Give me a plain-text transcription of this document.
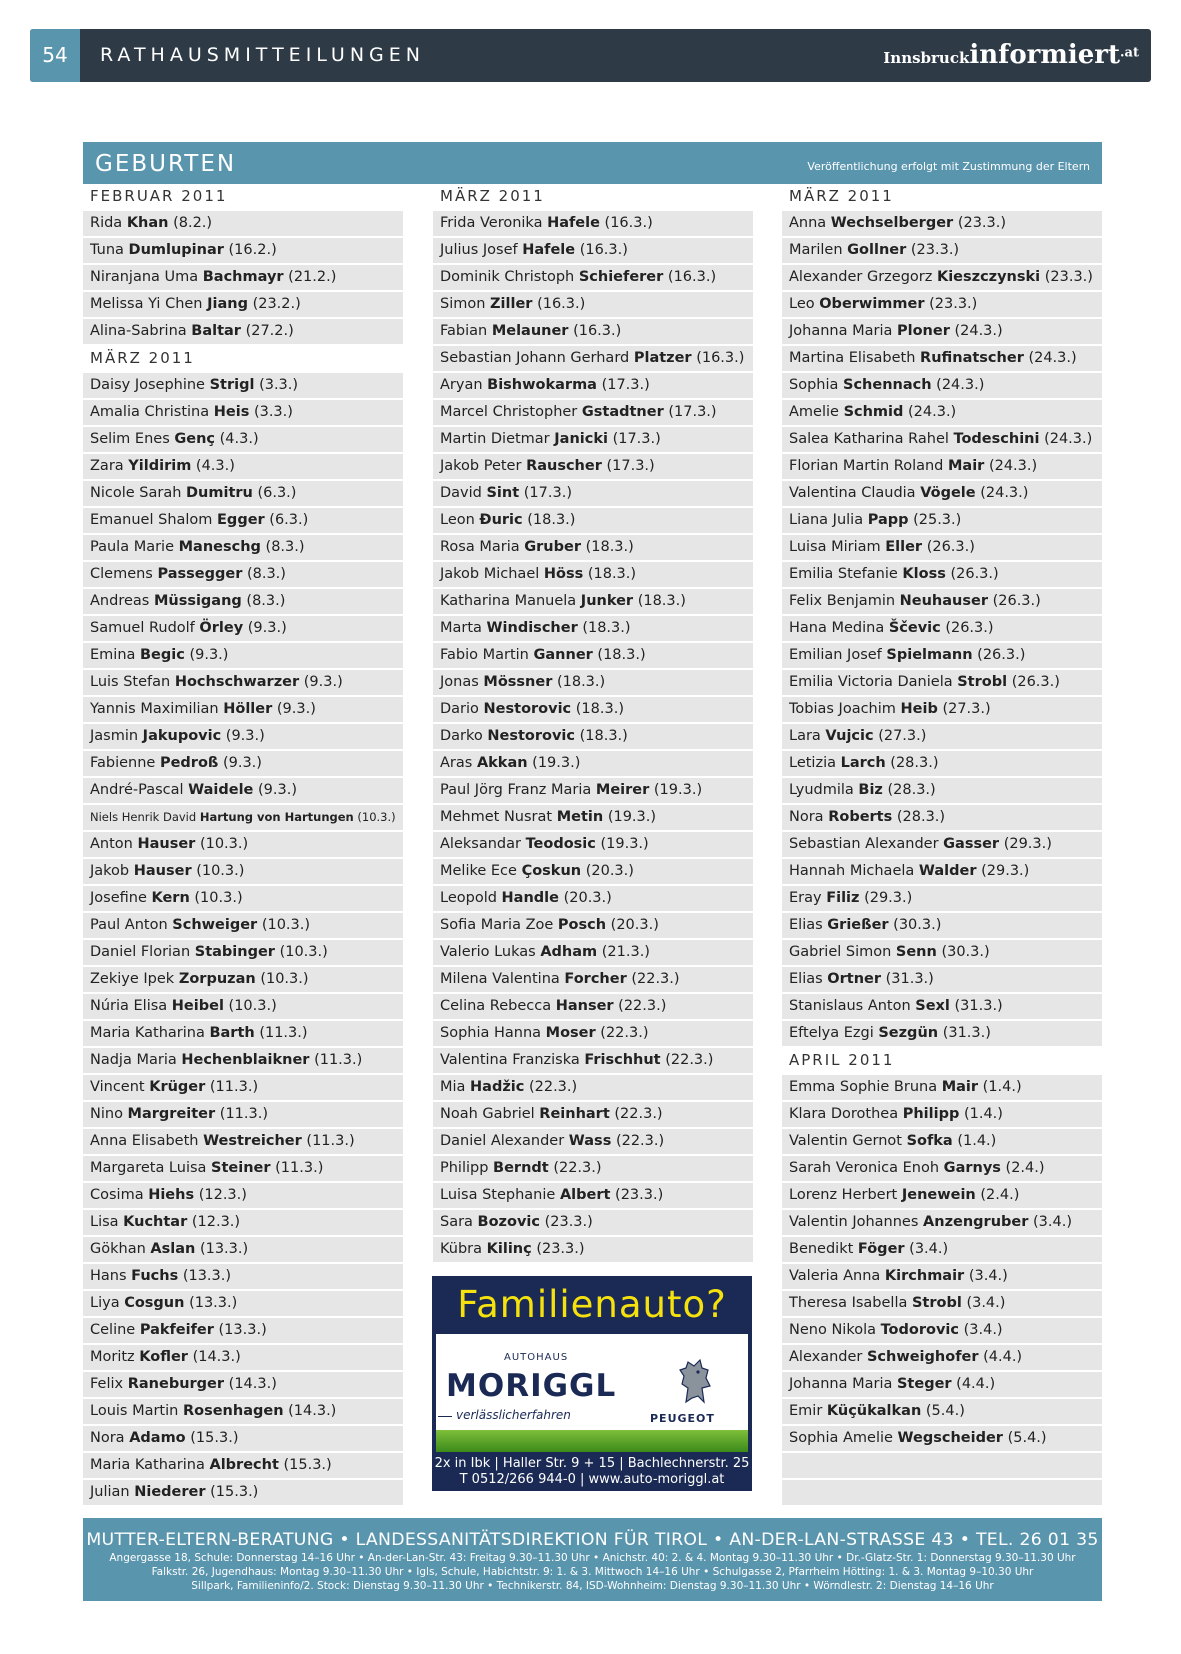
54	RATHAUSMITTEILUNGEN	Innsbruckinformiert$^{.at}$
GEBURTEN	Veröffentlichung erfolgt mit Zustimmung der Eltern
FEBRUAR 2011
Rida Khan (8.2.)
Tuna Dumlupinar (16.2.)
Niranjana Uma Bachmayr (21.2.)
Melissa Yi Chen Jiang (23.2.)
Alina-Sabrina Baltar (27.2.)
MÄRZ 2011
Daisy Josephine Strigl (3.3.)
Amalia Christina Heis (3.3.)
Selim Enes Genç (4.3.)
Zara Yildirim (4.3.)
Nicole Sarah Dumitru (6.3.)
Emanuel Shalom Egger (6.3.)
Paula Marie Maneschg (8.3.)
Clemens Passegger (8.3.)
Andreas Müssigang (8.3.)
Samuel Rudolf Örley (9.3.)
Emina Begic (9.3.)
Luis Stefan Hochschwarzer (9.3.)
Yannis Maximilian Höller (9.3.)
Jasmin Jakupovic (9.3.)
Fabienne Pedroß (9.3.)
André-Pascal Waidele (9.3.)
Niels Henrik David Hartung von Hartungen (10.3.)
Anton Hauser (10.3.)
Jakob Hauser (10.3.)
Josefine Kern (10.3.)
Paul Anton Schweiger (10.3.)
Daniel Florian Stabinger (10.3.)
Zekiye Ipek Zorpuzan (10.3.)
Núria Elisa Heibel (10.3.)
Maria Katharina Barth (11.3.)
Nadja Maria Hechenblaikner (11.3.)
Vincent Krüger (11.3.)
Nino Margreiter (11.3.)
Anna Elisabeth Westreicher (11.3.)
Margareta Luisa Steiner (11.3.)
Cosima Hiehs (12.3.)
Lisa Kuchtar (12.3.)
Gökhan Aslan (13.3.)
Hans Fuchs (13.3.)
Liya Cosgun (13.3.)
Celine Pakfeifer (13.3.)
Moritz Kofler (14.3.)
Felix Raneburger (14.3.)
Louis Martin Rosenhagen (14.3.)
Nora Adamo (15.3.)
Maria Katharina Albrecht (15.3.)
Julian Niederer (15.3.)
MÄRZ 2011
Frida Veronika Hafele (16.3.)
Julius Josef Hafele (16.3.)
Dominik Christoph Schieferer (16.3.)
Simon Ziller (16.3.)
Fabian Melauner (16.3.)
Sebastian Johann Gerhard Platzer (16.3.)
Aryan Bishwokarma (17.3.)
Marcel Christopher Gstadtner (17.3.)
Martin Dietmar Janicki (17.3.)
Jakob Peter Rauscher (17.3.)
David Sint (17.3.)
Leon Đuric (18.3.)
Rosa Maria Gruber (18.3.)
Jakob Michael Höss (18.3.)
Katharina Manuela Junker (18.3.)
Marta Windischer (18.3.)
Fabio Martin Ganner (18.3.)
Jonas Mössner (18.3.)
Dario Nestorovic (18.3.)
Darko Nestorovic (18.3.)
Aras Akkan (19.3.)
Paul Jörg Franz Maria Meirer (19.3.)
Mehmet Nusrat Metin (19.3.)
Aleksandar Teodosic (19.3.)
Melike Ece Çoskun (20.3.)
Leopold Handle (20.3.)
Sofia Maria Zoe Posch (20.3.)
Valerio Lukas Adham (21.3.)
Milena Valentina Forcher (22.3.)
Celina Rebecca Hanser (22.3.)
Sophia Hanna Moser (22.3.)
Valentina Franziska Frischhut (22.3.)
Mia Hadžic (22.3.)
Noah Gabriel Reinhart (22.3.)
Daniel Alexander Wass (22.3.)
Philipp Berndt (22.3.)
Luisa Stephanie Albert (23.3.)
Sara Bozovic (23.3.)
Kübra Kilinç (23.3.)
MÄRZ 2011
Anna Wechselberger (23.3.)
Marilen Gollner (23.3.)
Alexander Grzegorz Kieszczynski (23.3.)
Leo Oberwimmer (23.3.)
Johanna Maria Ploner (24.3.)
Martina Elisabeth Rufinatscher (24.3.)
Sophia Schennach (24.3.)
Amelie Schmid (24.3.)
Salea Katharina Rahel Todeschini (24.3.)
Florian Martin Roland Mair (24.3.)
Valentina Claudia Vögele (24.3.)
Liana Julia Papp (25.3.)
Luisa Miriam Eller (26.3.)
Emilia Stefanie Kloss (26.3.)
Felix Benjamin Neuhauser (26.3.)
Hana Medina Ščevic (26.3.)
Emilian Josef Spielmann (26.3.)
Emilia Victoria Daniela Strobl (26.3.)
Tobias Joachim Heib (27.3.)
Lara Vujcic (27.3.)
Letizia Larch (28.3.)
Lyudmila Biz (28.3.)
Nora Roberts (28.3.)
Sebastian Alexander Gasser (29.3.)
Hannah Michaela Walder (29.3.)
Eray Filiz (29.3.)
Elias Grießer (30.3.)
Gabriel Simon Senn (30.3.)
Elias Ortner (31.3.)
Stanislaus Anton Sexl (31.3.)
Eftelya Ezgi Sezgün (31.3.)
APRIL 2011
Emma Sophie Bruna Mair (1.4.)
Klara Dorothea Philipp (1.4.)
Valentin Gernot Sofka (1.4.)
Sarah Veronica Enoh Garnys (2.4.)
Lorenz Herbert Jenewein (2.4.)
Valentin Johannes Anzengruber (3.4.)
Benedikt Föger (3.4.)
Valeria Anna Kirchmair (3.4.)
Theresa Isabella Strobl (3.4.)
Neno Nikola Todorovic (3.4.)
Alexander Schweighofer (4.4.)
Johanna Maria Steger (4.4.)
Emir Küçükalkan (5.4.)
Sophia Amelie Wegscheider (5.4.)
Familienauto?
AUTOHAUS
MORIGGL
verlässlicherfahren	PEUGEOT
2x in Ibk | Haller Str. 9 + 15 | Bachlechnerstr. 25
T 0512/266 944-0 | www.auto-moriggl.at
MUTTER-ELTERN-BERATUNG • LANDESSANITÄTSDIREKTION FÜR TIROL • AN-DER-LAN-STRASSE 43 • TEL. 26 01 35
Angergasse 18, Schule: Donnerstag 14–16 Uhr • An-der-Lan-Str. 43: Freitag 9.30–11.30 Uhr • Anichstr. 40: 2. & 4. Montag 9.30–11.30 Uhr • Dr.-Glatz-Str. 1: Donnerstag 9.30–11.30 Uhr
Falkstr. 26, Jugendhaus: Montag 9.30–11.30 Uhr • Igls, Schule, Habichtstr. 9: 1. & 3. Mittwoch 14–16 Uhr • Schulgasse 2, Pfarrheim Hötting: 1. & 3. Montag 9–10.30 Uhr
Sillpark, Familieninfo/2. Stock: Dienstag 9.30–11.30 Uhr • Technikerstr. 84, ISD-Wohnheim: Dienstag 9.30–11.30 Uhr • Wörndlestr. 2: Dienstag 14–16 Uhr
